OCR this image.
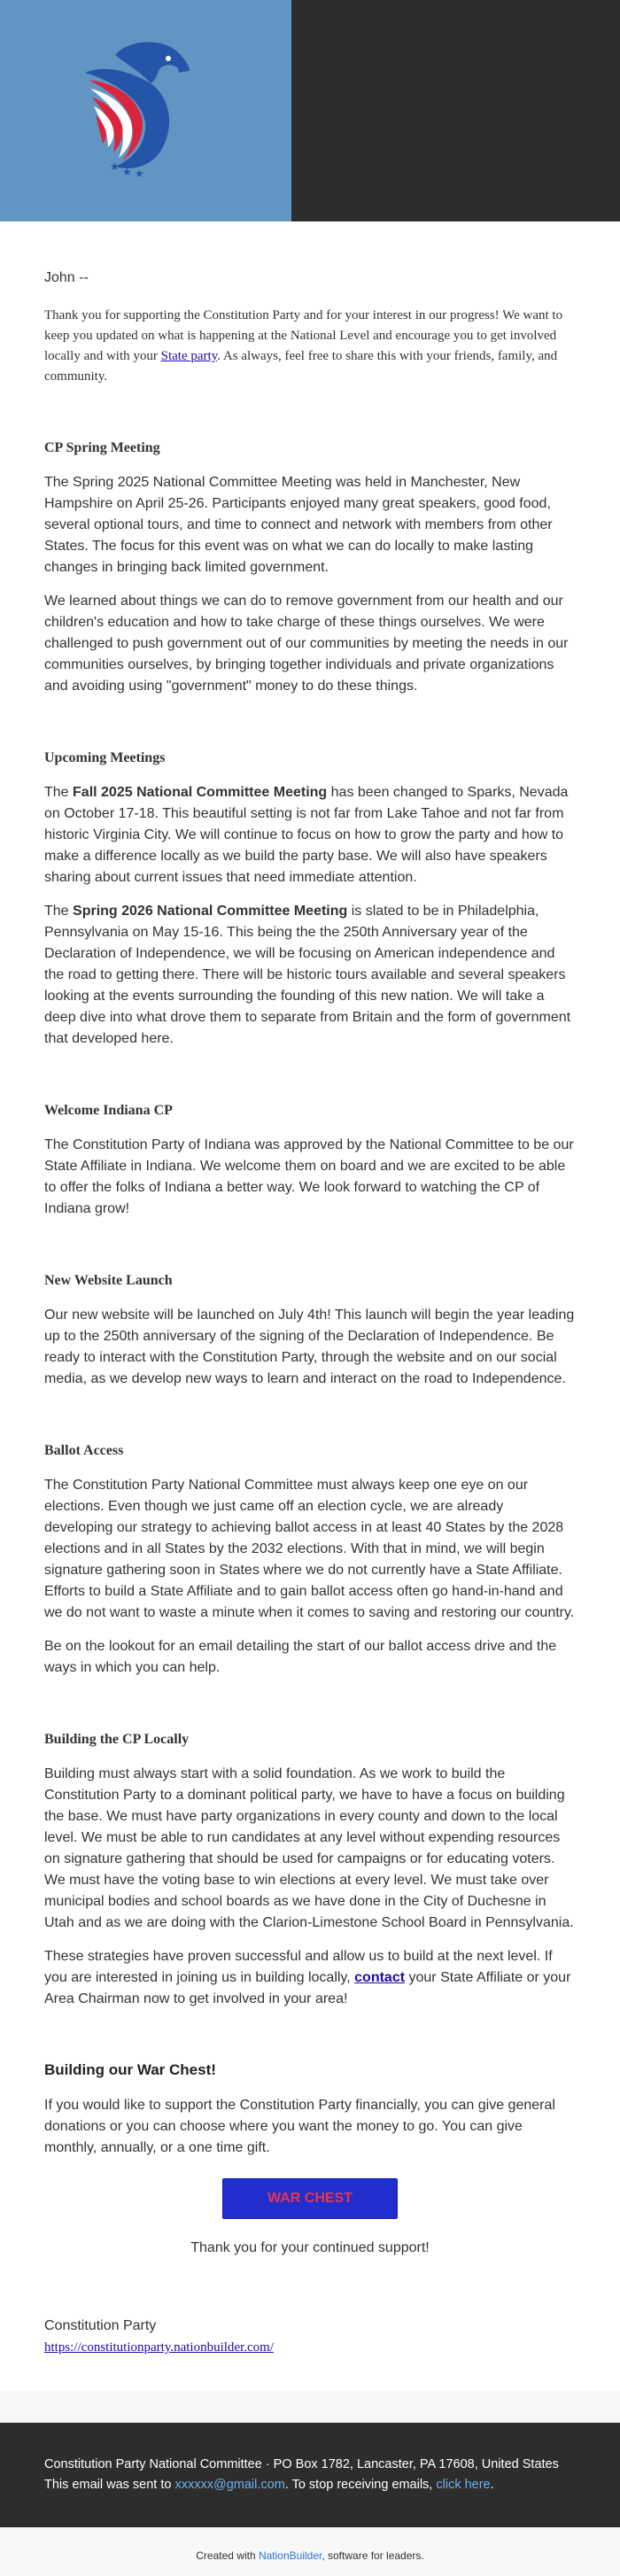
★ ★ ★

John --

Thank you for supporting the Constitution Party and for your interest in our progress! We want to keep you updated on what is happening at the National Level and encourage you to get involved locally and with your State party. As always, feel free to share this with your friends, family, and community.

CP Spring Meeting

The Spring 2025 National Committee Meeting was held in Manchester, New Hampshire on April 25-26. Participants enjoyed many great speakers, good food, several optional tours, and time to connect and network with members from other States. The focus for this event was on what we can do locally to make lasting changes in bringing back limited government.

We learned about things we can do to remove government from our health and our children's education and how to take charge of these things ourselves. We were challenged to push government out of our communities by meeting the needs in our communities ourselves, by bringing together individuals and private organizations and avoiding using "government" money to do these things.

Upcoming Meetings

The Fall 2025 National Committee Meeting has been changed to Sparks, Nevada on October 17-18. This beautiful setting is not far from Lake Tahoe and not far from historic Virginia City. We will continue to focus on how to grow the party and how to make a difference locally as we build the party base. We will also have speakers sharing about current issues that need immediate attention.

The Spring 2026 National Committee Meeting is slated to be in Philadelphia, Pennsylvania on May 15-16. This being the the 250th Anniversary year of the Declaration of Independence, we will be focusing on American independence and the road to getting there. There will be historic tours available and several speakers looking at the events surrounding the founding of this new nation. We will take a deep dive into what drove them to separate from Britain and the form of government that developed here.

Welcome Indiana CP

The Constitution Party of Indiana was approved by the National Committee to be our State Affiliate in Indiana. We welcome them on board and we are excited to be able to offer the folks of Indiana a better way. We look forward to watching the CP of Indiana grow!

New Website Launch

Our new website will be launched on July 4th! This launch will begin the year leading up to the 250th anniversary of the signing of the Declaration of Independence. Be ready to interact with the Constitution Party, through the website and on our social media, as we develop new ways to learn and interact on the road to Independence.

Ballot Access

The Constitution Party National Committee must always keep one eye on our elections. Even though we just came off an election cycle, we are already developing our strategy to achieving ballot access in at least 40 States by the 2028 elections and in all States by the 2032 elections. With that in mind, we will begin signature gathering soon in States where we do not currently have a State Affiliate. Efforts to build a State Affiliate and to gain ballot access often go hand-in-hand and we do not want to waste a minute when it comes to saving and restoring our country.

Be on the lookout for an email detailing the start of our ballot access drive and the ways in which you can help.

Building the CP Locally

Building must always start with a solid foundation. As we work to build the Constitution Party to a dominant political party, we have to have a focus on building the base. We must have party organizations in every county and down to the local level. We must be able to run candidates at any level without expending resources on signature gathering that should be used for campaigns or for educating voters. We must have the voting base to win elections at every level. We must take over municipal bodies and school boards as we have done in the City of Duchesne in Utah and as we are doing with the Clarion-Limestone School Board in Pennsylvania.

These strategies have proven successful and allow us to build at the next level. If you are interested in joining us in building locally, contact your State Affiliate or your Area Chairman now to get involved in your area!

Building our War Chest!

If you would like to support the Constitution Party financially, you can give general donations or you can choose where you want the money to go. You can give monthly, annually, or a one time gift.

WAR CHEST

Thank you for your continued support!

Constitution Party

https://constitutionparty.nationbuilder.com/
Constitution Party National Committee · PO Box 1782, Lancaster, PA 17608, United States
This email was sent to xxxxxx@gmail.com. To stop receiving emails, click here.
Created with NationBuilder, software for leaders.
